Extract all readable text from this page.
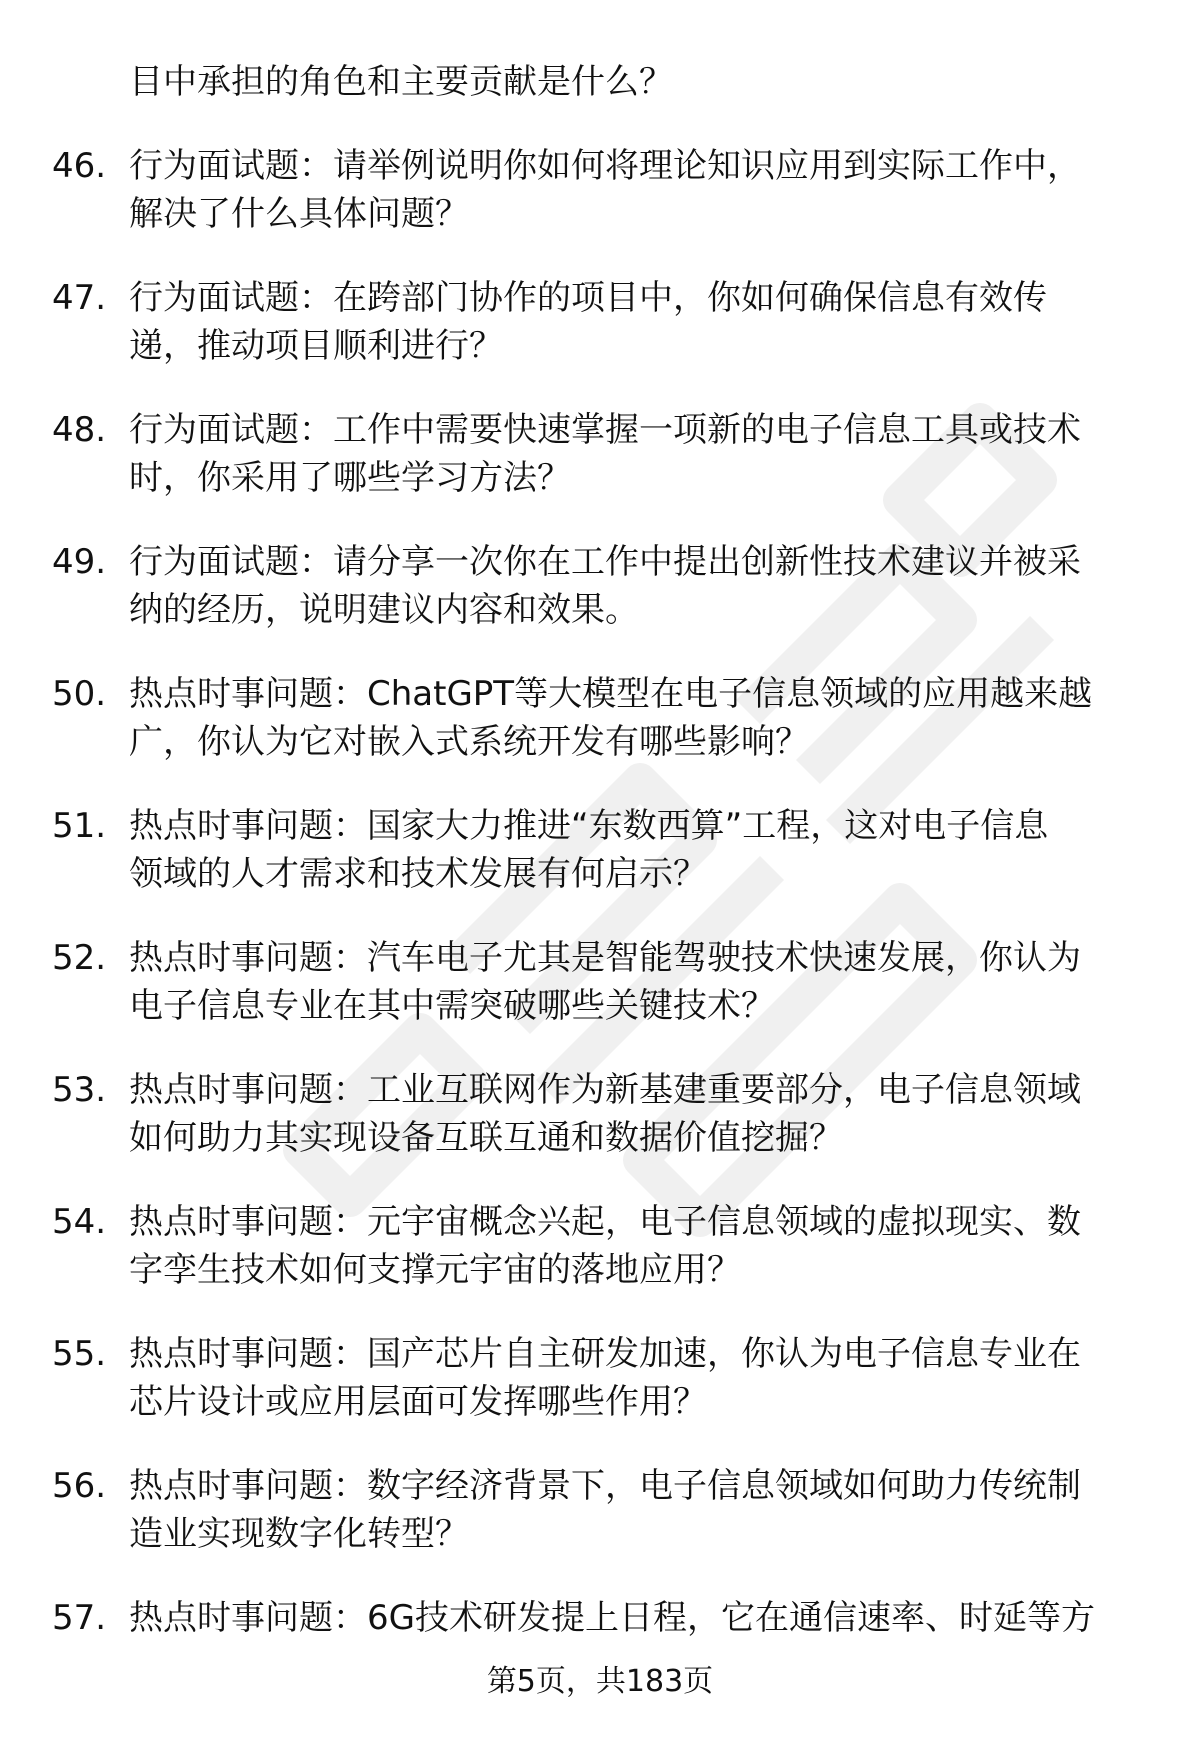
目中承担的角色和主要贡献是什么？
46. 行为面试题：请举例说明你如何将理论知识应用到实际工作中，
解决了什么具体问题？
47. 行为面试题：在跨部门协作的项目中，你如何确保信息有效传
递，推动项目顺利进行？
48. 行为面试题：工作中需要快速掌握一项新的电子信息工具或技术
时，你采用了哪些学习方法？
49. 行为面试题：请分享一次你在工作中提出创新性技术建议并被采
纳的经历，说明建议内容和效果。
50. 热点时事问题：ChatGPT等大模型在电子信息领域的应用越来越
广，你认为它对嵌入式系统开发有哪些影响？
51. 热点时事问题：国家大力推进“东数西算”工程，这对电子信息
领域的人才需求和技术发展有何启示？
52. 热点时事问题：汽车电子尤其是智能驾驶技术快速发展，你认为
电子信息专业在其中需突破哪些关键技术？
53. 热点时事问题：工业互联网作为新基建重要部分，电子信息领域
如何助力其实现设备互联互通和数据价值挖掘？
54. 热点时事问题：元宇宙概念兴起，电子信息领域的虚拟现实、数
字孪生技术如何支撑元宇宙的落地应用？
55. 热点时事问题：国产芯片自主研发加速，你认为电子信息专业在
芯片设计或应用层面可发挥哪些作用？
56. 热点时事问题：数字经济背景下，电子信息领域如何助力传统制
造业实现数字化转型？
57. 热点时事问题：6G技术研发提上日程，它在通信速率、时延等方
第5页，共183页
